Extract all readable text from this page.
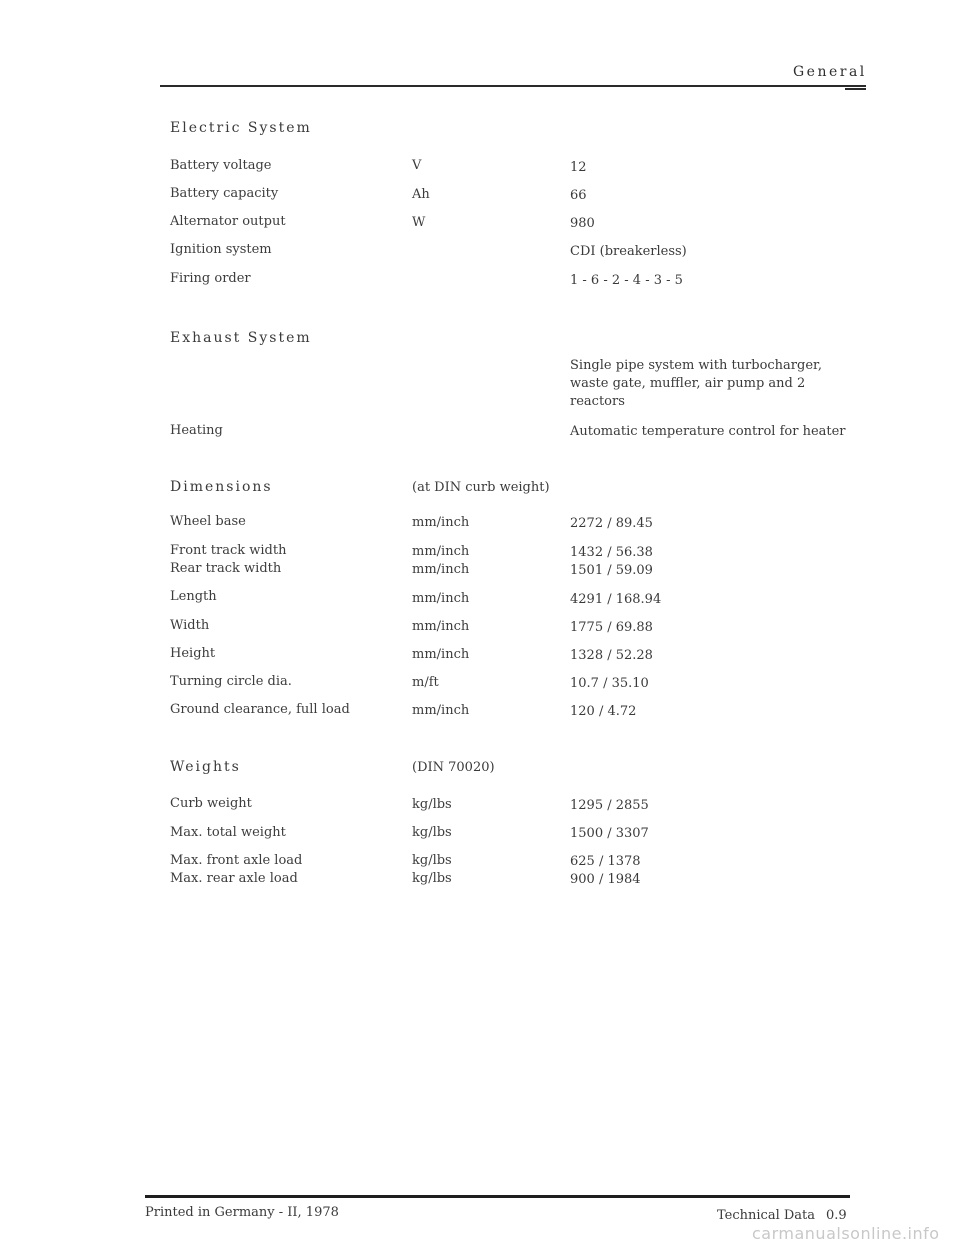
General
Electric System
Battery voltage	V	12
Battery capacity	Ah	66
Alternator output	W	980
Ignition system	CDI (breakerless)
Firing order	1 - 6 - 2 - 4 - 3 - 5
Exhaust System
Single pipe system with turbocharger, waste gate, muffler, air pump and 2 reactors
Heating	Automatic temperature control for heater
Dimensions	(at DIN curb weight)
Wheel base	mm/inch	2272 / 89.45
Front track width	mm/inch	1432 / 56.38
Rear track width	mm/inch	1501 / 59.09
Length	mm/inch	4291 / 168.94
Width	mm/inch	1775 / 69.88
Height	mm/inch	1328 / 52.28
Turning circle dia.	m/ft	10.7 / 35.10
Ground clearance, full load	mm/inch	120 / 4.72
Weights	(DIN 70020)
Curb weight	kg/lbs	1295 / 2855
Max. total weight	kg/lbs	1500 / 3307
Max. front axle load	kg/lbs	625 / 1378
Max. rear axle load	kg/lbs	900 / 1984
Printed in Germany - II, 1978	Technical Data 0.9
carmanualsonline.info
